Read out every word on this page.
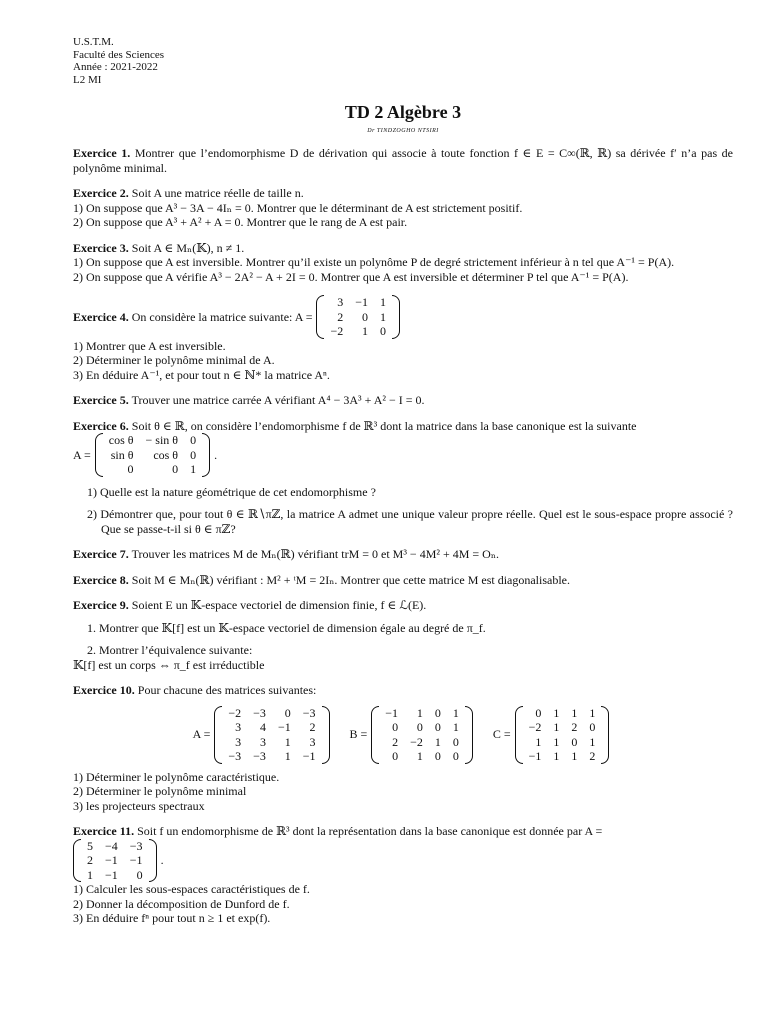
U.S.T.M.
Faculté des Sciences
Année : 2021-2022
L2 MI
TD 2 Algèbre 3
Dr TINDZOGHO NTSIRI

Exercice 1. Montrer que l’endomorphisme D de dérivation qui associe à toute fonction f ∈ E = C∞(ℝ, ℝ) sa dérivée f′ n’a pas de polynôme minimal.

Exercice 2. Soit A une matrice réelle de taille n.

1) On suppose que A³ − 3A − 4Iₙ = 0. Montrer que le déterminant de A est strictement positif.

2) On suppose que A³ + A² + A = 0. Montrer que le rang de A est pair.

Exercice 3. Soit A ∈ Mₙ(𝕂), n ≠ 1.

1) On suppose que A est inversible. Montrer qu’il existe un polynôme P de degré strictement inférieur à n tel que A⁻¹ = P(A).

2) On suppose que A vérifie A³ − 2A² − A + 2I = 0. Montrer que A est inversible et déterminer P tel que A⁻¹ = P(A).

Exercice 4.
On considère la matrice suivante: A =
3	−1	1
2	0	1
−2	1	0

1) Montrer que A est inversible.

2) Déterminer le polynôme minimal de A.

3) En déduire A⁻¹, et pour tout n ∈ ℕ* la matrice Aⁿ.

Exercice 5. Trouver une matrice carrée A vérifiant A⁴ − 3A³ + A² − I = 0.

Exercice 6. Soit θ ∈ ℝ, on considère l’endomorphisme f de ℝ³ dont la matrice dans la base canonique est la suivante

A =
cos θ	− sin θ	0
sin θ	cos θ	0
0	0	1
.

1) Quelle est la nature géométrique de cet endomorphisme ?

2) Démontrer que, pour tout θ ∈ ℝ∖πℤ, la matrice A admet une unique valeur propre réelle. Quel est le sous-espace propre associé ? Que se passe-t-il si θ ∈ πℤ?

Exercice 7. Trouver les matrices M de Mₙ(ℝ) vérifiant trM = 0 et M³ − 4M² + 4M = Oₙ.

Exercice 8. Soit M ∈ Mₙ(ℝ) vérifiant : M² + ᵗM = 2Iₙ. Montrer que cette matrice M est diagonalisable.

Exercice 9. Soient E un 𝕂-espace vectoriel de dimension finie, f ∈ ℒ(E).

1. Montrer que 𝕂[f] est un 𝕂-espace vectoriel de dimension égale au degré de π_f.

2. Montrer l’équivalence suivante:

𝕂[f] est un corps ⇔ π_f est irréductible

Exercice 10. Pour chacune des matrices suivantes:

A =
−2	−3	0	−3
3	4	−1	2
3	3	1	3
−3	−3	1	−1
B =
−1	1	0	1
0	0	0	1
2	−2	1	0
0	1	0	0
C =
0	1	1	1
−2	1	2	0
1	1	0	1
−1	1	1	2

1) Déterminer le polynôme caractéristique.

2) Déterminer le polynôme minimal

3) les projecteurs spectraux

Exercice 11. Soit f un endomorphisme de ℝ³ dont la représentation dans la base canonique est donnée par A =

5	−4	−3
2	−1	−1
1	−1	0
.

1) Calculer les sous-espaces caractéristiques de f.

2) Donner la décomposition de Dunford de f.

3) En déduire fⁿ pour tout n ≥ 1 et exp(f).
